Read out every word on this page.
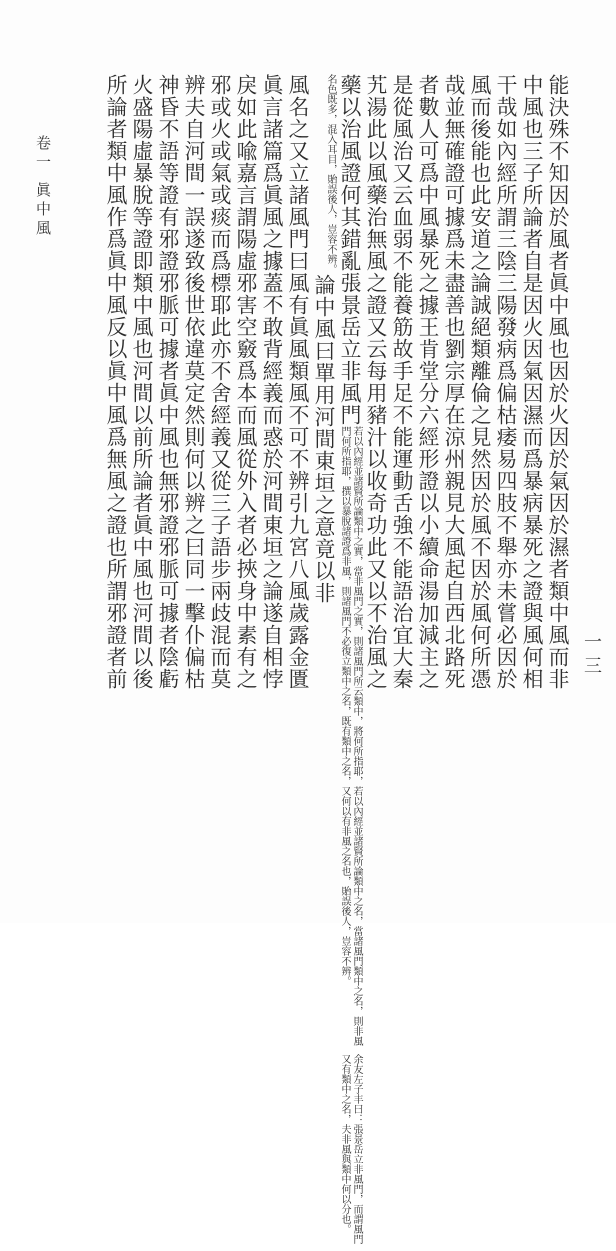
一三
卷一 眞中風	能決殊不知因於風者眞中風也因於火因於氣因於濕者類中風而非
中風也三子所論者自是因火因氣因濕而爲暴病暴死之證與風何相
干哉如內經所謂三陰三陽發病爲偏枯痿易四肢不舉亦未嘗必因於
風而後能也此安道之論誠絕類離倫之見然因於風不因於風何所憑
哉並無確證可據爲未盡善也劉宗厚在涼州親見大風起自西北路死
者數人可爲中風暴死之據王肯堂分六經形證以小續命湯加減主之
是從風治又云血弱不能養筋故手足不能運動舌強不能語治宜大秦
艽湯此以風藥治無風之證又云每用豬汁以收奇功此又以不治風之
藥以治風證何其錯亂張景岳立非風門
余友左子丰曰：張景岳立非風門，而謂風門又有類中之名，夫非風與類中何以分也。
若以內經並諸賢所論類中之實，當非風門之實，則諸風門所云類中，將何所指耶，若以內經並諸賢所論類中之名，當諸風門類中之名，則非風門何所指耶，撰以暴脫諸證爲非風，則諸風門不必復立類中之名，既有類中之名，又何以有非風之名也，貽誤後人，豈容不辨。
名色既多，混入耳目，貽誤後人，豈容不辨。論中風曰單用河間東垣之意竟以非
風名之又立諸風門曰風有眞風類風不可不辨引九宮八風歲露金匱
眞言諸篇爲眞風之據蓋不敢背經義而惑於河間東垣之論遂自相悖
戾如此喩嘉言謂陽虛邪害空竅爲本而風從外入者必挾身中素有之
邪或火或氣或痰而爲標耶此亦不舍經義又從三子語步兩歧混而莫
辨夫自河間一誤遂致後世依違莫定然則何以辨之曰同一擊仆偏枯
神昏不語等證有邪證邪脈可據者眞中風也無邪證邪脈可據者陰虧
火盛陽虛暴脫等證即類中風也河間以前所論者眞中風也河間以後
所論者類中風作爲眞中風反以眞中風爲無風之證也所謂邪證者前
